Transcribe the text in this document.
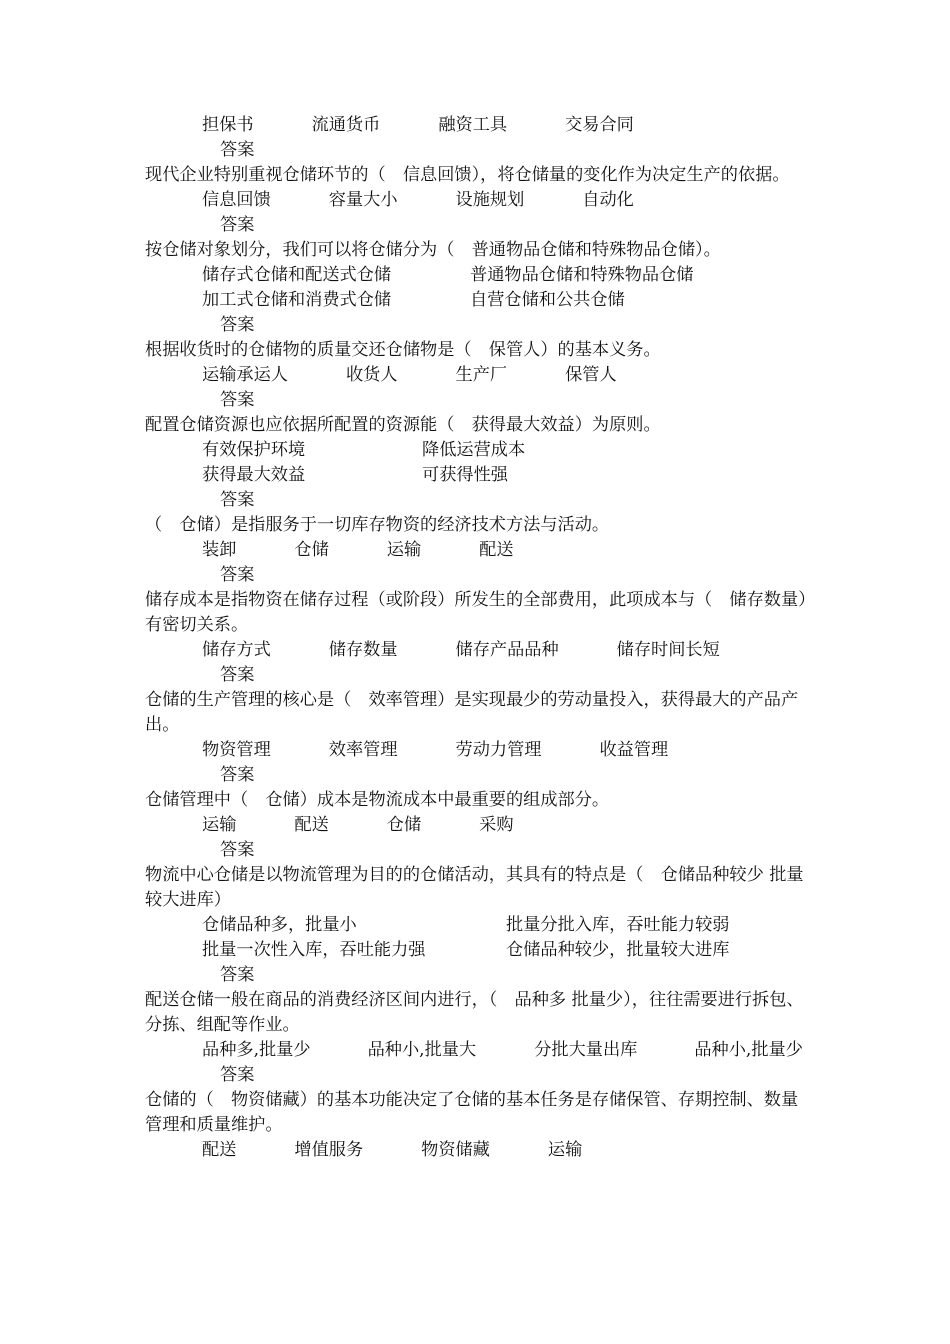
担保书	流通货币	融资工具	交易合同
答案

现代企业特别重视仓储环节的（　信息回馈），将仓储量的变化作为决定生产的依据。

信息回馈	容量大小	设施规划	自动化
答案

按仓储对象划分，我们可以将仓储分为（　普通物品仓储和特殊物品仓储）。

储存式仓储和配送式仓储	普通物品仓储和特殊物品仓储
加工式仓储和消费式仓储	自营仓储和公共仓储
答案

根据收货时的仓储物的质量交还仓储物是（　保管人）的基本义务。

运输承运人	收货人	生产厂	保管人
答案

配置仓储资源也应依据所配置的资源能（　获得最大效益）为原则。

有效保护环境	降低运营成本
获得最大效益	可获得性强
答案

（　仓储）是指服务于一切库存物资的经济技术方法与活动。

装卸	仓储	运输	配送
答案

储存成本是指物资在储存过程（或阶段）所发生的全部费用，此项成本与（　储存数量）有密切关系。

储存方式	储存数量	储存产品品种	储存时间长短
答案

仓储的生产管理的核心是（　效率管理）是实现最少的劳动量投入，获得最大的产品产出。

物资管理	效率管理	劳动力管理	收益管理
答案

仓储管理中（　仓储）成本是物流成本中最重要的组成部分。

运输	配送	仓储	采购
答案

物流中心仓储是以物流管理为目的的仓储活动，其具有的特点是（　仓储品种较少 批量较大进库）

仓储品种多，批量小	批量分批入库，吞吐能力较弱
批量一次性入库，吞吐能力强	仓储品种较少，批量较大进库
答案

配送仓储一般在商品的消费经济区间内进行，（　品种多 批量少），往往需要进行拆包、分拣、组配等作业。

品种多,批量少	品种小,批量大	分批大量出库	品种小,批量少

答案

仓储的（　物资储藏）的基本功能决定了仓储的基本任务是存储保管、存期控制、数量管理和质量维护。

配送	增值服务	物资储藏	运输
